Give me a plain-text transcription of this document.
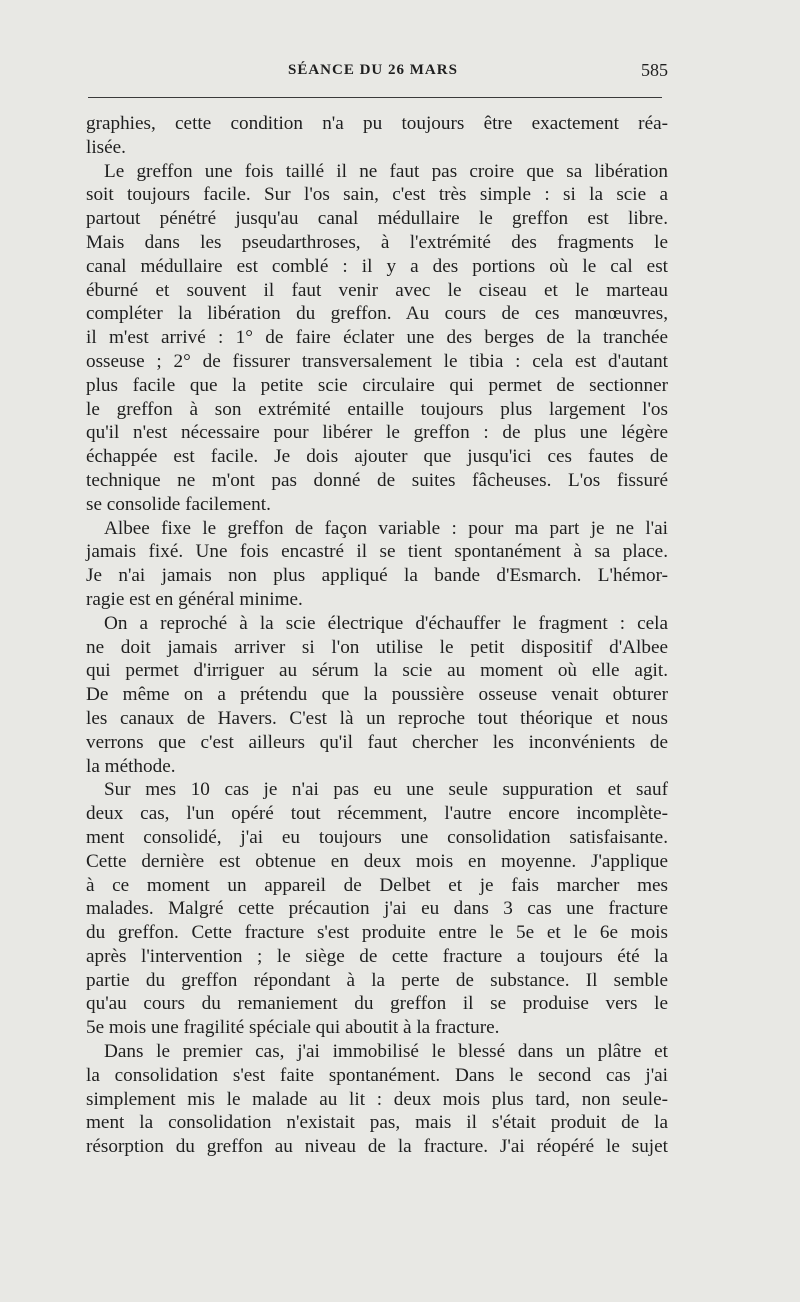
SÉANCE DU 26 MARS	585

graphies, cette condition n'a pu toujours être exactement réa-
lisée.

Le greffon une fois taillé il ne faut pas croire que sa libération
soit toujours facile. Sur l'os sain, c'est très simple : si la scie a
partout pénétré jusqu'au canal médullaire le greffon est libre.
Mais dans les pseudarthroses, à l'extrémité des fragments le
canal médullaire est comblé : il y a des portions où le cal est
éburné et souvent il faut venir avec le ciseau et le marteau
compléter la libération du greffon. Au cours de ces manœuvres,
il m'est arrivé : 1° de faire éclater une des berges de la tranchée
osseuse ; 2° de fissurer transversalement le tibia : cela est d'autant
plus facile que la petite scie circulaire qui permet de sectionner
le greffon à son extrémité entaille toujours plus largement l'os
qu'il n'est nécessaire pour libérer le greffon : de plus une légère
échappée est facile. Je dois ajouter que jusqu'ici ces fautes de
technique ne m'ont pas donné de suites fâcheuses. L'os fissuré
se consolide facilement.

Albee fixe le greffon de façon variable : pour ma part je ne l'ai
jamais fixé. Une fois encastré il se tient spontanément à sa place.
Je n'ai jamais non plus appliqué la bande d'Esmarch. L'hémor-
ragie est en général minime.

On a reproché à la scie électrique d'échauffer le fragment : cela
ne doit jamais arriver si l'on utilise le petit dispositif d'Albee
qui permet d'irriguer au sérum la scie au moment où elle agit.
De même on a prétendu que la poussière osseuse venait obturer
les canaux de Havers. C'est là un reproche tout théorique et nous
verrons que c'est ailleurs qu'il faut chercher les inconvénients de
la méthode.

Sur mes 10 cas je n'ai pas eu une seule suppuration et sauf
deux cas, l'un opéré tout récemment, l'autre encore incomplète-
ment consolidé, j'ai eu toujours une consolidation satisfaisante.
Cette dernière est obtenue en deux mois en moyenne. J'applique
à ce moment un appareil de Delbet et je fais marcher mes
malades. Malgré cette précaution j'ai eu dans 3 cas une fracture
du greffon. Cette fracture s'est produite entre le 5e et le 6e mois
après l'intervention ; le siège de cette fracture a toujours été la
partie du greffon répondant à la perte de substance. Il semble
qu'au cours du remaniement du greffon il se produise vers le
5e mois une fragilité spéciale qui aboutit à la fracture.

Dans le premier cas, j'ai immobilisé le blessé dans un plâtre et
la consolidation s'est faite spontanément. Dans le second cas j'ai
simplement mis le malade au lit : deux mois plus tard, non seule-
ment la consolidation n'existait pas, mais il s'était produit de la
résorption du greffon au niveau de la fracture. J'ai réopéré le sujet
